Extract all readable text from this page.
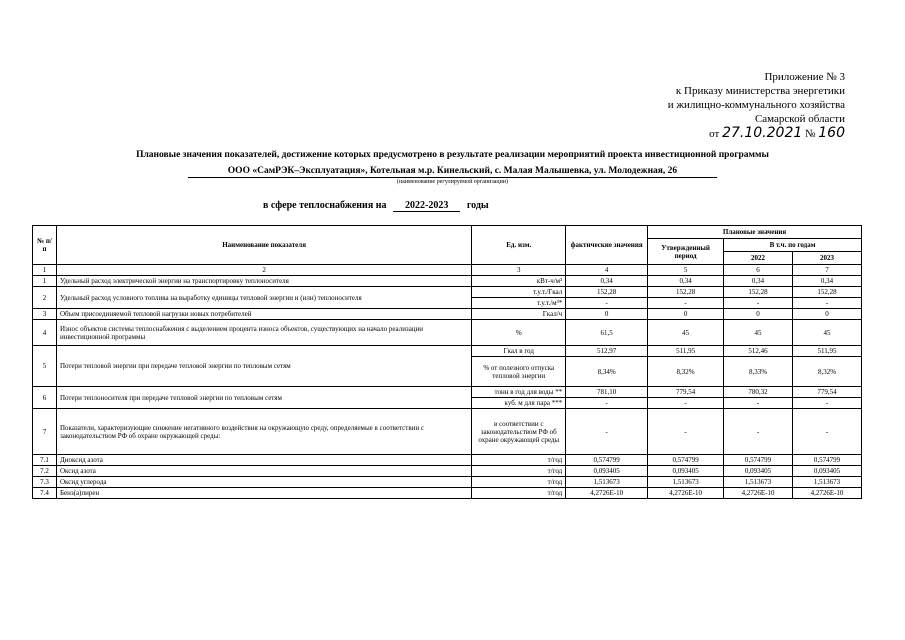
Приложение № 3
к Приказу министерства энергетики
и жилищно-коммунального хозяйства
Самарской области
от 27.10.2021 № 160
Плановые значения показателей, достижение которых предусмотрено в результате реализации мероприятий проекта инвестиционной программы
ООО «СамРЭК–Эксплуатация», Котельная м.р. Кинельский, с. Малая Малышевка, ул. Молодежная, 26
(наименование регулируемой организации)
в сфере теплоснабжения на 2022-2023 годы
№ п/п	Наименование показателя	Ед. изм.	фактические значения	Плановые значения		
				Утвержденный период	В т.ч. по годам	
					2022	2023
1	2	3	4	5	6	7
1	Удельный расход электрической энергии на транспортировку теплоносителя	кВт-ч/м³	0,34	0,34	0,34	0,34
2	Удельный расход условного топлива на выработку единицы тепловой энергии и (или) теплоносителя	т.у.т./Гкал	152,28	152,28	152,28	152,28
		т.у.т./м³*	-	-	-	-
3	Объем присоединяемой тепловой нагрузки новых потребителей	Гкал/ч	0	0	0	0
4	Износ объектов системы теплоснабжения с выделением процента износа объектов, существующих на начало реализации инвестиционной программы	%	61,5	45	45	45
5	Потери тепловой энергии при передаче тепловой энергии по тепловым сетям	Гкал в год	512,97	511,95	512,46	511,95
		% от полезного отпуска тепловой энергии	8,34%	8,32%	8,33%	8,32%
6	Потери теплоносителя при передаче тепловой энергии по тепловым сетям	тонн в год для воды **	781,10	779,54	780,32	779,54
		куб. м для пара ***	-	-	-	-
7	Показатели, характеризующие снижение негативного воздействия на окружающую среду, определяемые в соответствии с законодательством РФ об охране окружающей среды:	в соответствии с законодательством РФ об охране окружающей среды	-	-	-	-
7.1	Диоксид азота	т/год	0,574799	0,574799	0,574799	0,574799
7.2	Оксид азота	т/год	0,093405	0,093405	0,093405	0,093405
7.3	Оксид углерода	т/год	1,513673	1,513673	1,513673	1,513673
7.4	Бенз(а)пирен	т/год	4,2726Е-10	4,2726Е-10	4,2726Е-10	4,2726Е-10
